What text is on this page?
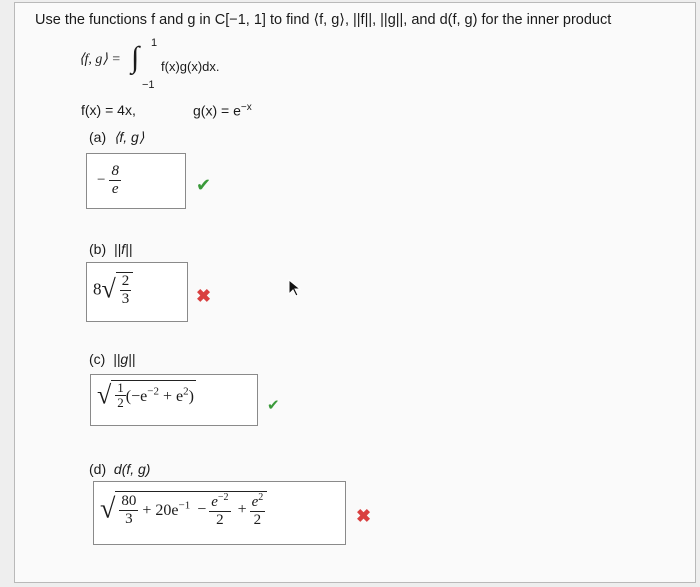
Use the functions f and g in C[−1, 1] to find ⟨f, g⟩, ||f||, ||g||, and d(f, g) for the inner product
⟨f, g⟩ = ∫ 1
−1
f(x)g(x)dx.
f(x) = 4x,	$g(x) = e^{-x}$
(a) ⟨f, g⟩
− $\frac{8}{e}$	✔
(b) ||f||
$8√ \frac{2}{3}$	✖
(c) ||g||
√ $\frac{1}{2} (-e^{-2} + e^2)$
✔
(d) d(f, g)
√ $\frac{80}{3} + 20e^{-1} - \frac{e^{-2}}{2} + \frac{e^2}{2}$	✖
